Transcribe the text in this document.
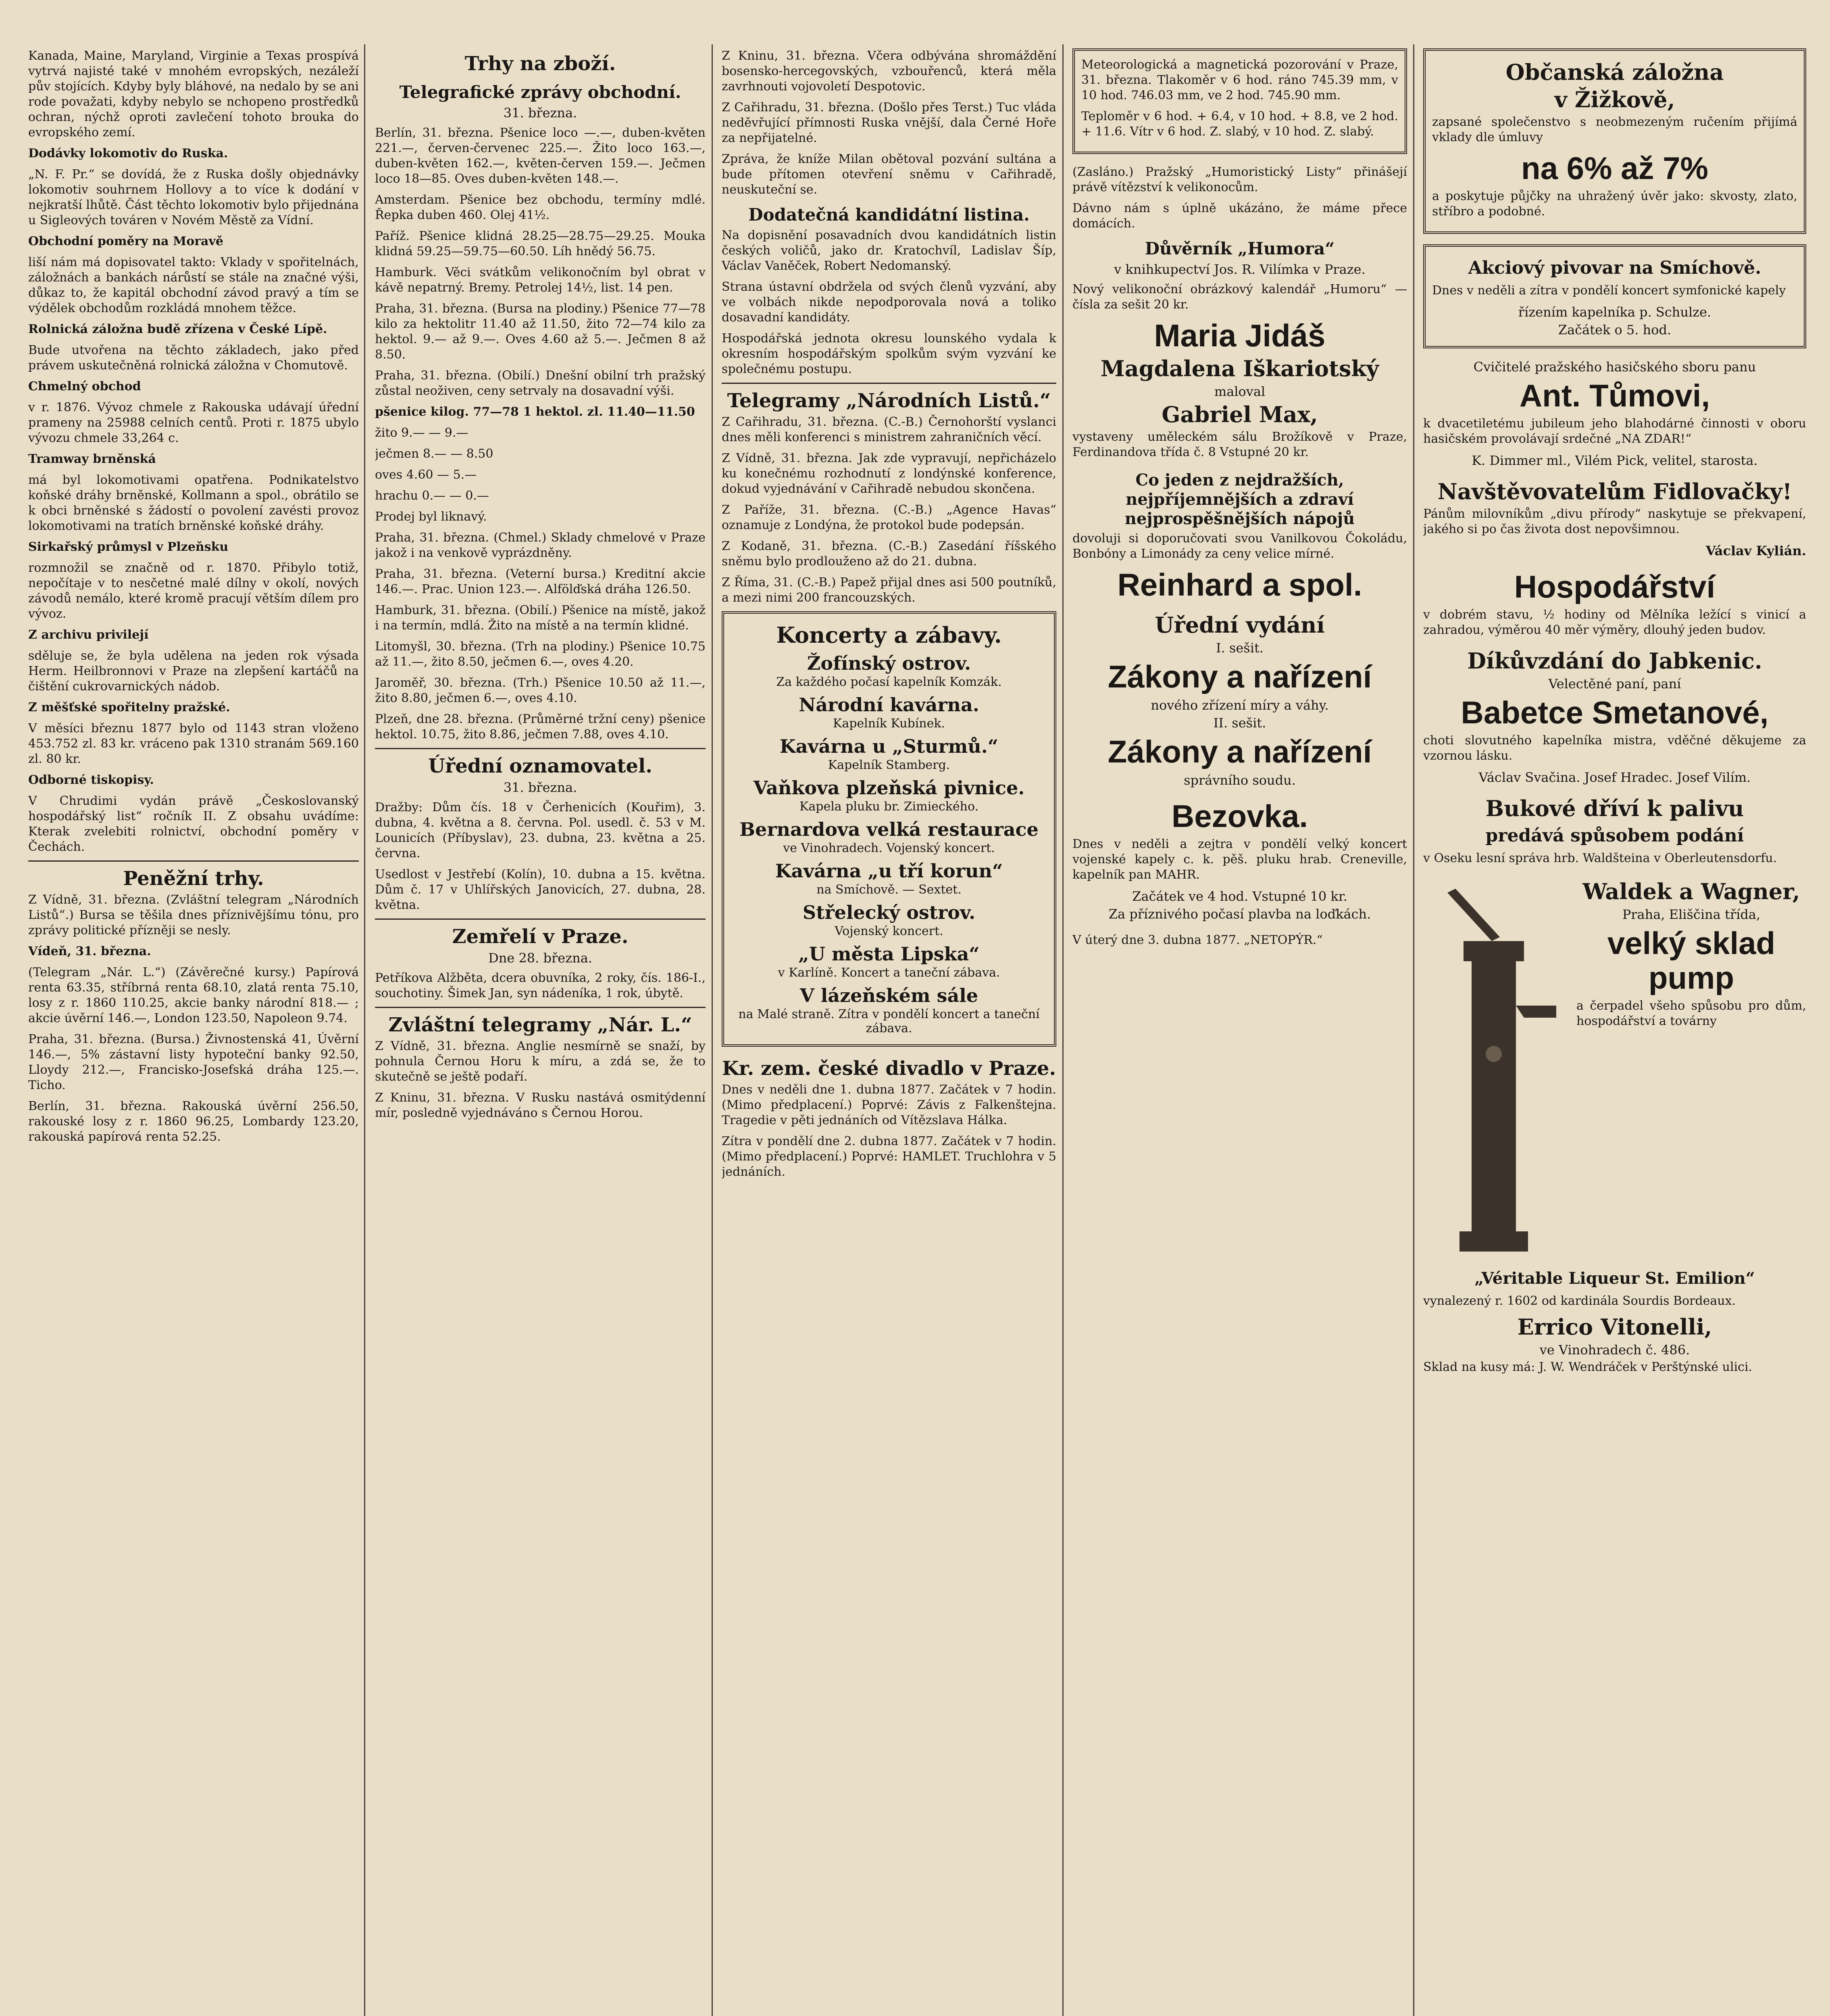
Kanada, Maine, Maryland, Virginie a Texas prospívá vytrvá najisté také v mnohém evropských, nezáleží pův stojících. Kdyby byly bláhové, na nedalo by se ani rode považati, kdyby nebylo se nchopeno prostředků ochran, nýchž oproti zavlečení tohoto brouka do evropského zemí.

Dodávky lokomotiv do Ruska.

„N. F. Pr.“ se dovídá, že z Ruska došly objednávky lokomotiv souhrnem Hollovy a to více k dodání v nejkratší lhůtě. Část těchto lokomotiv bylo přijednána u Sigleových továren v Novém Městě za Vídní.

Obchodní poměry na Moravě

liší nám má dopisovatel takto: Vklady v spořitelnách, záložnách a bankách nárůstí se stále na značné výši, důkaz to, že kapitál obchodní závod pravý a tím se výdělek obchodům rozkládá mnohem těžce.

Rolnická záložna budě zřízena v České Lípě.

Bude utvořena na těchto základech, jako před právem uskutečněná rolnická záložna v Chomutově.

Chmelný obchod

v r. 1876. Vývoz chmele z Rakouska udávají úřední prameny na 25988 celních centů. Proti r. 1875 ubylo vývozu chmele 33,264 c.

Tramway brněnská

má byl lokomotivami opatřena. Podnikatelstvo koňské dráhy brněnské, Kollmann a spol., obrátilo se k obci brněnské s žádostí o povolení zavésti provoz lokomotivami na tratích brněnské koňské dráhy.

Sirkařský průmysl v Plzeňsku

rozmnožil se značně od r. 1870. Přibylo totiž, nepočítaje v to nesčetné malé dílny v okolí, nových závodů nemálo, které kromě pracují větším dílem pro vývoz.

Z archivu privilejí

sděluje se, že byla udělena na jeden rok výsada Herm. Heilbronnovi v Praze na zlepšení kartáčů na čištění cukrovarnických nádob.

Z měšťské spořitelny pražské.

V měsíci březnu 1877 bylo od 1143 stran vloženo 453.752 zl. 83 kr. vráceno pak 1310 stranám 569.160 zl. 80 kr.

Odborné tiskopisy.

V Chrudimi vydán právě „Českoslovanský hospodářský list“ ročník II. Z obsahu uvádíme: Kterak zvelebiti rolnictví, obchodní poměry v Čechách.

Peněžní trhy.

Z Vídně, 31. března. (Zvláštní telegram „Národních Listů“.) Bursa se těšila dnes příznivějšímu tónu, pro zprávy politické přízněji se nesly.

Vídeň, 31. března.

(Telegram „Nár. L.“) (Závěrečné kursy.) Papírová renta 63.35, stříbrná renta 68.10, zlatá renta 75.10, losy z r. 1860 110.25, akcie banky národní 818.— ; akcie úvěrní 146.—, London 123.50, Napoleon 9.74.

Praha, 31. března. (Bursa.) Živnostenská 41, Úvěrní 146.—, 5% zástavní listy hypoteční banky 92.50, Lloydy 212.—, Francisko-Josefská dráha 125.—. Ticho.

Berlín, 31. března. Rakouská úvěrní 256.50, rakouské losy z r. 1860 96.25, Lombardy 123.20, rakouská papírová renta 52.25.

Trhy na zboží.
Telegrafické zprávy obchodní.
31. března.

Berlín, 31. března. Pšenice loco —.—, duben-květen 221.—, červen-červenec 225.—. Žito loco 163.—, duben-květen 162.—, květen-červen 159.—. Ječmen loco 18—85. Oves duben-květen 148.—.

Amsterdam. Pšenice bez obchodu, termíny mdlé. Řepka duben 460. Olej 41½.

Paříž. Pšenice klidná 28.25—28.75—29.25. Mouka klidná 59.25—59.75—60.50. Líh hnědý 56.75.

Hamburk. Věci svátkům velikonočním byl obrat v kávě nepatrný. Bremy. Petrolej 14½, list. 14 pen.

Praha, 31. března. (Bursa na plodiny.) Pšenice 77—78 kilo za hektolitr 11.40 až 11.50, žito 72—74 kilo za hektol. 9.— až 9.—. Oves 4.60 až 5.—. Ječmen 8 až 8.50.

Praha, 31. března. (Obilí.) Dnešní obilní trh pražský zůstal neoživen, ceny setrvaly na dosavadní výši.

pšenice kilog. 77—78 1 hektol. zl. 11.40—11.50

žito 9.— — 9.—

ječmen 8.— — 8.50

oves 4.60 — 5.—

hrachu 0.— — 0.—

Prodej byl liknavý.

Praha, 31. března. (Chmel.) Sklady chmelové v Praze jakož i na venkově vyprázdněny.

Praha, 31. března. (Veterní bursa.) Kreditní akcie 146.—. Prac. Union 123.—. Alfölďská dráha 126.50.

Hamburk, 31. března. (Obilí.) Pšenice na místě, jakož i na termín, mdlá. Žito na místě a na termín klidné.

Litomyšl, 30. března. (Trh na plodiny.) Pšenice 10.75 až 11.—, žito 8.50, ječmen 6.—, oves 4.20.

Jaroměř, 30. března. (Trh.) Pšenice 10.50 až 11.—, žito 8.80, ječmen 6.—, oves 4.10.

Plzeň, dne 28. března. (Průměrné tržní ceny) pšenice hektol. 10.75, žito 8.86, ječmen 7.88, oves 4.10.

Úřední oznamovatel.
31. března.

Dražby: Dům čís. 18 v Čerhenicích (Kouřim), 3. dubna, 4. května a 8. června. Pol. usedl. č. 53 v M. Lounicích (Příbyslav), 23. dubna, 23. května a 25. června.

Usedlost v Jestřebí (Kolín), 10. dubna a 15. května. Dům č. 17 v Uhlířských Janovicích, 27. dubna, 28. května.

Zemřelí v Praze.
Dne 28. března.

Petříkova Alžběta, dcera obuvníka, 2 roky, čís. 186-I., souchotiny. Šimek Jan, syn nádeníka, 1 rok, úbytě.

Zvláštní telegramy „Nár. L.“

Z Vídně, 31. března. Anglie nesmírně se snaží, by pohnula Černou Horu k míru, a zdá se, že to skutečně se ještě podaří.

Z Kninu, 31. března. V Rusku nastává osmitýdenní mír, posledně vyjednáváno s Černou Horou.

Z Kninu, 31. března. Včera odbývána shromáždění bosensko-hercegovských, vzbouřenců, která měla zavrhnouti vojovoletí Despotovic.

Z Cařihradu, 31. března. (Došlo přes Terst.) Tuc vláda neděvřující přímnosti Ruska vnější, dala Černé Hoře za nepřijatelné.

Zpráva, že kníže Milan obětoval pozvání sultána a bude přítomen otevření sněmu v Cařihradě, neuskuteční se.

Dodatečná kandidátní listina.

Na dopisnění posavadních dvou kandidátních listin českých voličů, jako dr. Kratochvíl, Ladislav Šíp, Václav Vaněček, Robert Nedomanský.

Strana ústavní obdržela od svých členů vyzvání, aby ve volbách nikde nepodporovala nová a toliko dosavadní kandidáty.

Hospodářská jednota okresu lounského vydala k okresním hospodářským spolkům svým vyzvání ke společnému postupu.

Telegramy „Národních Listů.“

Z Cařihradu, 31. března. (C.-B.) Černohorští vyslanci dnes měli konferenci s ministrem zahraničních věcí.

Z Vídně, 31. března. Jak zde vypravují, nepřicházelo ku konečnému rozhodnutí z londýnské konference, dokud vyjednávání v Cařihradě nebudou skončena.

Z Paříže, 31. března. (C.-B.) „Agence Havas“ oznamuje z Londýna, že protokol bude podepsán.

Z Kodaně, 31. března. (C.-B.) Zasedání říšského sněmu bylo prodlouženo až do 21. dubna.

Z Říma, 31. (C.-B.) Papež přijal dnes asi 500 poutníků, a mezi nimi 200 francouzských.

Koncerty a zábavy.
Žofínský ostrov.
Za každého počasí kapelník Komzák.
Národní kavárna.
Kapelník Kubínek.
Kavárna u „Sturmů.“
Kapelník Stamberg.
Vaňkova plzeňská pivnice.
Kapela pluku br. Zimieckého.
Bernardova velká restaurace
ve Vinohradech. Vojenský koncert.
Kavárna „u tří korun“
na Smíchově. — Sextet.
Střelecký ostrov.
Vojenský koncert.
„U města Lipska“
v Karlíně. Koncert a taneční zábava.
V lázeňském sále
na Malé straně. Zítra v pondělí koncert a taneční zábava.
Kr. zem. české divadlo v Praze.

Dnes v neděli dne 1. dubna 1877. Začátek v 7 hodin. (Mimo předplacení.) Poprvé: Závis z Falkenštejna. Tragedie v pěti jednáních od Vítězslava Hálka.

Zítra v pondělí dne 2. dubna 1877. Začátek v 7 hodin. (Mimo předplacení.) Poprvé: HAMLET. Truchlohra v 5 jednáních.

Meteorologická a magnetická pozorování v Praze, 31. března. Tlakoměr v 6 hod. ráno 745.39 mm, v 10 hod. 746.03 mm, ve 2 hod. 745.90 mm.

Teploměr v 6 hod. + 6.4, v 10 hod. + 8.8, ve 2 hod. + 11.6. Vítr v 6 hod. Z. slabý, v 10 hod. Z. slabý.

(Zasláno.) Pražský „Humoristický Listy“ přinášejí právě vítězství k velikonocům.

Dávno nám s úplně ukázáno, že máme přece domácích.

Důvěrník „Humora“
v knihkupectví Jos. R. Vilímka v Praze.

Nový velikonoční obrázkový kalendář „Humoru“ — čísla za sešit 20 kr.

Maria Jidáš
Magdalena Iškariotský
maloval
Gabriel Max,

vystaveny uměleckém sálu Brožíkově v Praze, Ferdinandova třída č. 8 Vstupné 20 kr.

Co jeden z nejdražších, nejpříjemnějších a zdraví nejprospěšnějších nápojů

dovoluji si doporučovati svou Vanilkovou Čokoládu, Bonbóny a Limonády za ceny velice mírné.

Reinhard a spol.
Úřední vydání
I. sešit.
Zákony a nařízení
nového zřízení míry a váhy.
II. sešit.
Zákony a nařízení
správního soudu.
Bezovka.

Dnes v neděli a zejtra v pondělí velký koncert vojenské kapely c. k. pěš. pluku hrab. Creneville, kapelník pan MAHR.

Začátek ve 4 hod. Vstupné 10 kr.
Za příznivého počasí plavba na loďkách.

V úterý dne 3. dubna 1877. „NETOPÝR.“

Občanská záložna
v Žižkově,

zapsané společenstvo s neobmezeným ručením přijímá vklady dle úmluvy

na 6% až 7%

a poskytuje půjčky na uhražený úvěr jako: skvosty, zlato, stříbro a podobné.

Akciový pivovar na Smíchově.

Dnes v neděli a zítra v pondělí koncert symfonické kapely

řízením kapelníka p. Schulze.
Začátek o 5. hod.
Cvičitelé pražského hasičského sboru panu
Ant. Tůmovi,

k dvacetiletému jubileum jeho blahodárné činnosti v oboru hasičském provolávají srdečné „NA ZDAR!“

K. Dimmer ml., Vilém Pick, velitel, starosta.
Navštěvovatelům Fidlovačky!

Pánům milovníkům „divu přírody“ naskytuje se překvapení, jakého si po čas života dost nepovšimnou.

Václav Kylián.
Hospodářství

v dobrém stavu, ½ hodiny od Mělníka ležící s vinicí a zahradou, výměrou 40 měr výměry, dlouhý jeden budov.

Díkůvzdání do Jabkenic.
Velectěné paní, paní
Babetce Smetanové,

choti slovutného kapelníka mistra, vděčné děkujeme za vzornou lásku.

Václav Svačina. Josef Hradec. Josef Vilím.
Bukové dříví k palivu
predává spůsobem podání

v Oseku lesní správa hrb. Waldšteina v Oberleutensdorfu.

Waldek a Wagner,
Praha, Eliščina třída,
velký sklad pump

a čerpadel všeho spůsobu pro dům, hospodářství a továrny

„Véritable Liqueur St. Emilion“

vynalezený r. 1602 od kardinála Sourdis Bordeaux.

Errico Vitonelli,
ve Vinohradech č. 486.

Sklad na kusy má: J. W. Wendráček v Perštýnské ulici.
